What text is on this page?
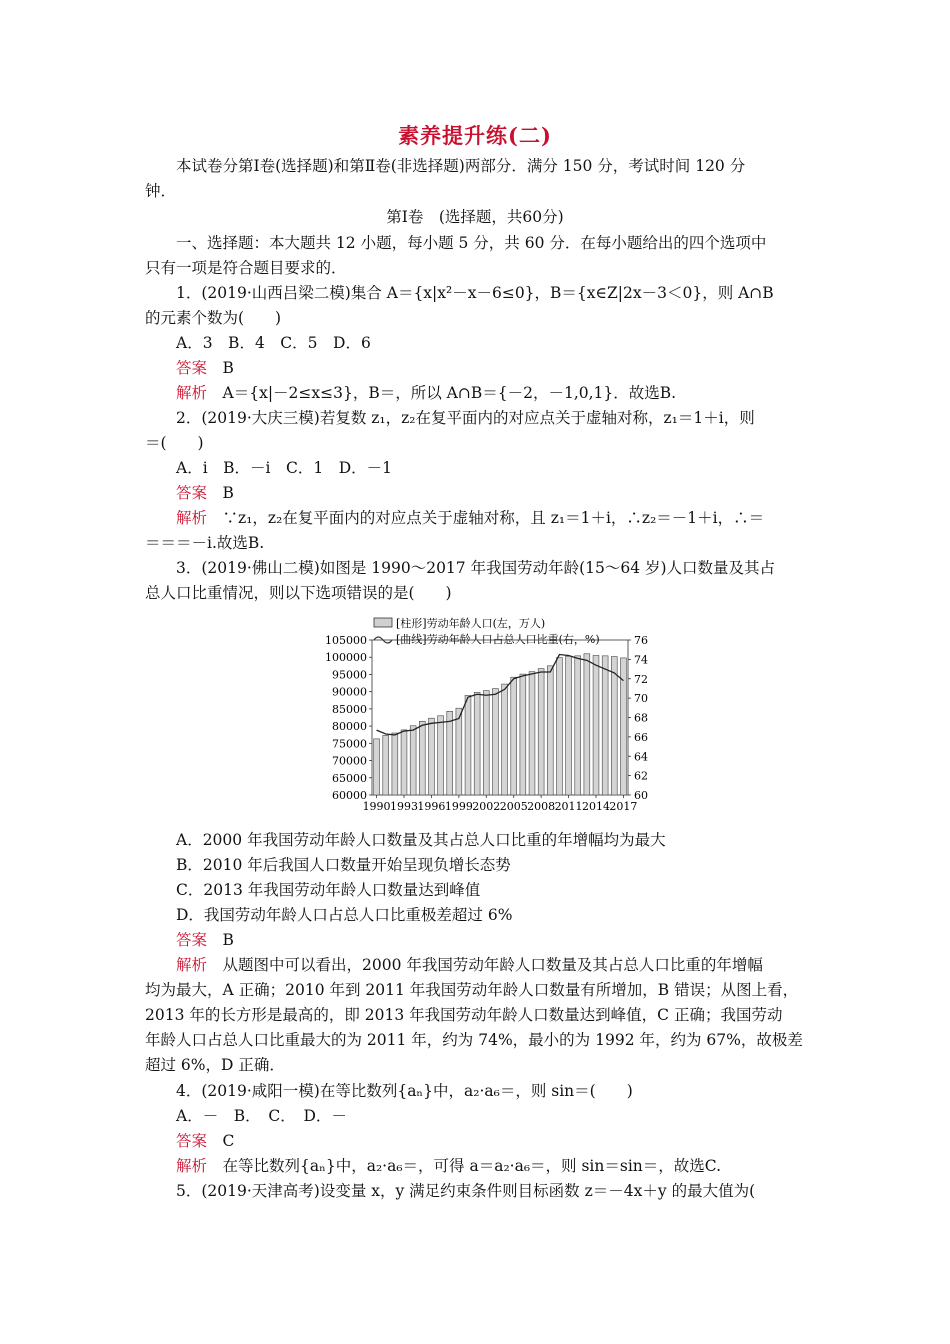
素养提升练(二)
本试卷分第Ⅰ卷(选择题)和第Ⅱ卷(非选择题)两部分．满分 150 分，考试时间 120 分
钟．
第Ⅰ卷　(选择题，共60分)
一、选择题：本大题共 12 小题，每小题 5 分，共 60 分．在每小题给出的四个选项中
只有一项是符合题目要求的．
1．(2019·山西吕梁二模)集合 A＝{x|x²－x－6≤0}，B＝{x∈Z|2x－3＜0}，则 A∩B
的元素个数为(　　)
A．3　B．4　C．5　D．6
答案　 B
解析　 A＝{x|－2≤x≤3}，B＝，所以 A∩B＝{－2，－1,0,1}．故选B.
2．(2019·大庆三模)若复数 z₁，z₂在复平面内的对应点关于虚轴对称，z₁＝1＋i，则
＝(　　)
A．i　B．－i　C．1　D．－1
答案　 B
解析　 ∵z₁，z₂在复平面内的对应点关于虚轴对称，且 z₁＝1＋i，∴z₂＝－1＋i，∴＝
＝＝＝－i.故选B.
3．(2019·佛山二模)如图是 1990～2017 年我国劳动年龄(15～64 岁)人口数量及其占
总人口比重情况，则以下选项错误的是(　　)
[柱形]劳动年龄人口(左，万人)
[曲线]劳动年龄人口占总人口比重(右，%)
105000
100000
95000
90000
85000
80000
75000
70000
65000
60000
76
74
72
70
68
66
64
62
60
1990 1993 1996 1999 2002 2005 2008 2011 2014 2017
A．2000 年我国劳动年龄人口数量及其占总人口比重的年增幅均为最大
B．2010 年后我国人口数量开始呈现负增长态势
C．2013 年我国劳动年龄人口数量达到峰值
D．我国劳动年龄人口占总人口比重极差超过 6%
答案　 B
解析　 从题图中可以看出，2000 年我国劳动年龄人口数量及其占总人口比重的年增幅
均为最大，A 正确；2010 年到 2011 年我国劳动年龄人口数量有所增加，B 错误；从图上看，
2013 年的长方形是最高的，即 2013 年我国劳动年龄人口数量达到峰值，C 正确；我国劳动
年龄人口占总人口比重最大的为 2011 年，约为 74%，最小的为 1992 年，约为 67%，故极差
超过 6%，D 正确．
4．(2019·咸阳一模)在等比数列{aₙ}中，a₂·a₆＝，则 sin＝(　　)
A．－　B．　C．　D．－
答案　 C
解析　 在等比数列{aₙ}中，a₂·a₆＝，可得 a＝a₂·a₆＝，则 sin＝sin＝，故选C.
5．(2019·天津高考)设变量 x，y 满足约束条件则目标函数 z＝－4x＋y 的最大值为(
